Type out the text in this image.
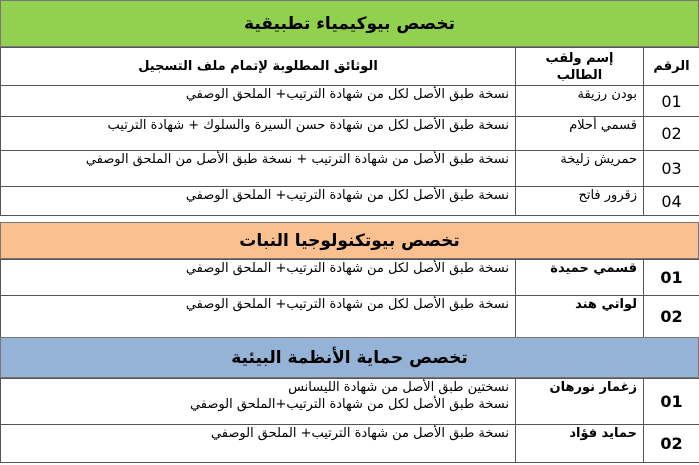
تخصص بيوكيمياء تطبيقية
الرقم	إسم ولقب الطالب	الوثائق المطلوبة لإتمام ملف التسجيل
01	بودن رزيقة	نسخة طبق الأصل لكل من شهادة الترتيب+ الملحق الوصفي
02	قسمي أحلام	نسخة طبق الأصل لكل من شهادة حسن السيرة والسلوك + شهادة الترتيب
03	حمريش زليخة	نسخة طبق الأصل من شهادة الترتيب + نسخة طبق الأصل من الملحق الوصفي
04	زقرور فاتح	نسخة طبق الأصل لكل من شهادة الترتيب+ الملحق الوصفي
تخصص بيوتكنولوجيا النبات
01	قسمي حميدة	نسخة طبق الأصل لكل من شهادة الترتيب+ الملحق الوصفي
02	لواتي هند	نسخة طبق الأصل لكل من شهادة الترتيب+ الملحق الوصفي
تخصص حماية الأنظمة البيئية
01	زغمار نورهان	نسختين طبق الأصل من شهادة الليسانس
نسخة طبق الأصل لكل من شهادة الترتيب+الملحق الوصفي

02	حمايد فؤاد	نسخة طبق الأصل من شهادة الترتيب+ الملحق الوصفي
